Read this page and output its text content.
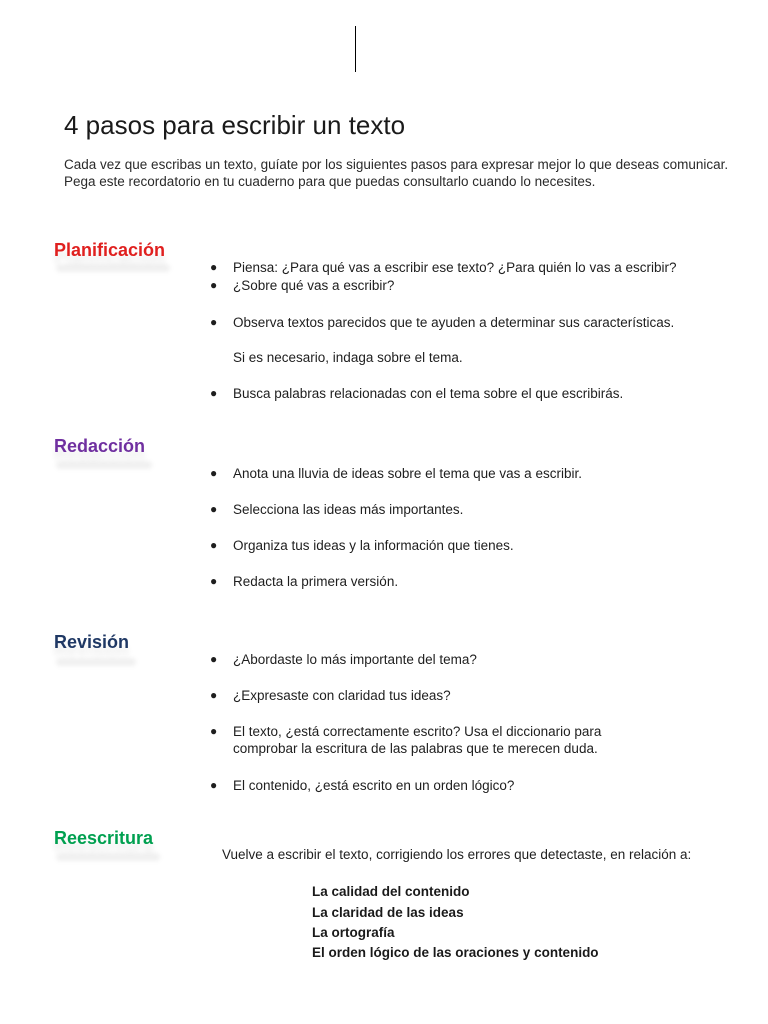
4 pasos para escribir un texto

Cada vez que escribas un texto, guíate por los siguientes pasos para expresar mejor lo que deseas comunicar. Pega este recordatorio en tu cuaderno para que puedas consultarlo cuando lo necesites.

Planificación
●	Piensa: ¿Para qué vas a escribir ese texto? ¿Para quién lo vas a escribir?
●	¿Sobre qué vas a escribir?
●	Observa textos parecidos que te ayuden a determinar sus características.
Si es necesario, indaga sobre el tema.
●	Busca palabras relacionadas con el tema sobre el que escribirás.
Redacción
●	Anota una lluvia de ideas sobre el tema que vas a escribir.
●	Selecciona las ideas más importantes.
●	Organiza tus ideas y la información que tienes.
●	Redacta la primera versión.
Revisión
●	¿Abordaste lo más importante del tema?
●	¿Expresaste con claridad tus ideas?
●	El texto, ¿está correctamente escrito? Usa el diccionario para comprobar la escritura de las palabras que te merecen duda.
●	El contenido, ¿está escrito en un orden lógico?
Reescritura

Vuelve a escribir el texto, corrigiendo los errores que detectaste, en relación a:

La calidad del contenido
La claridad de las ideas
La ortografía
El orden lógico de las oraciones y contenido
